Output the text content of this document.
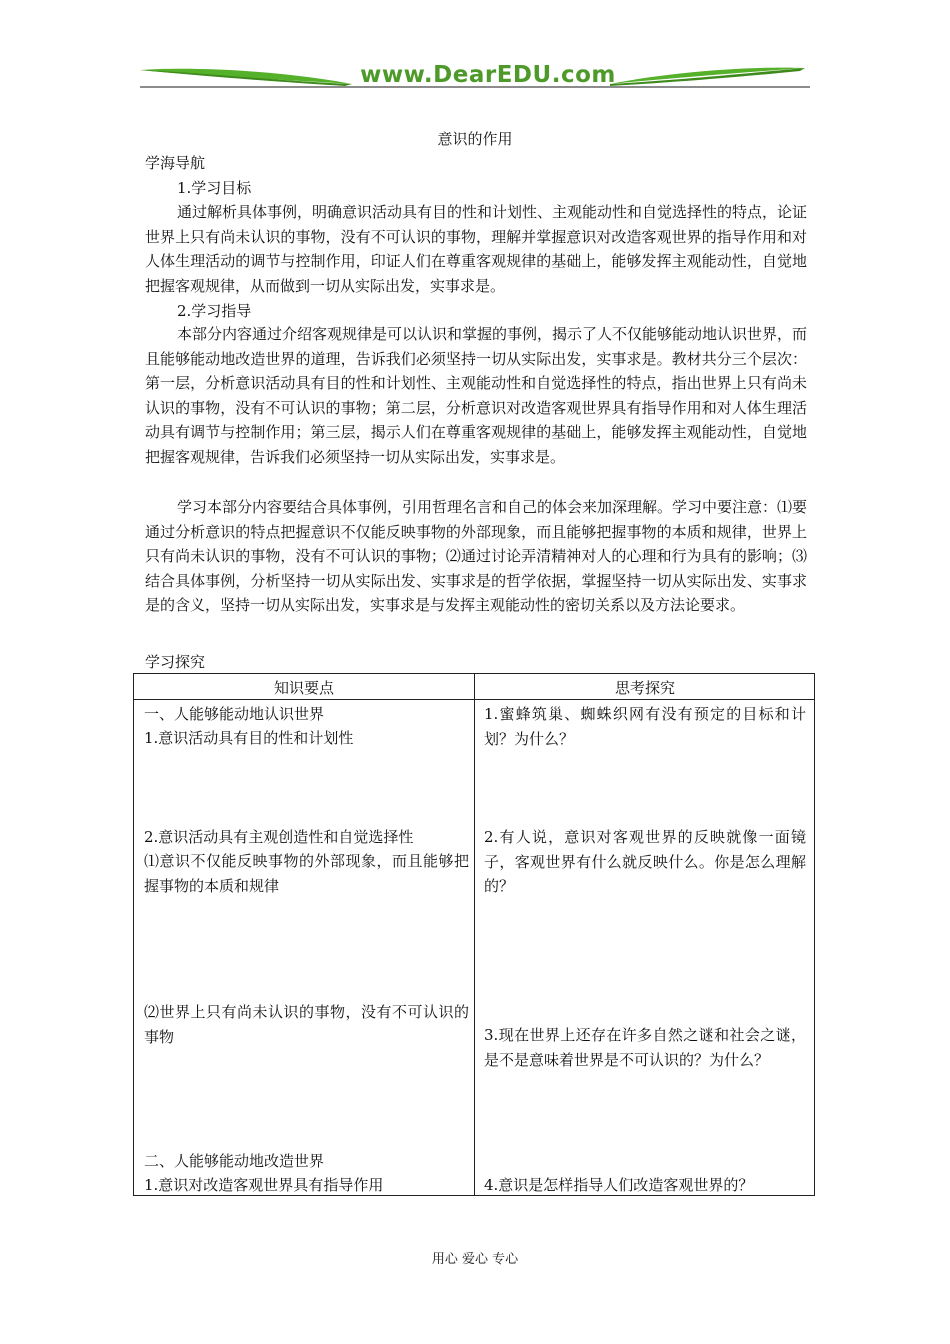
www.DearEDU.com
意识的作用
学海导航
1.学习目标

通过解析具体事例，明确意识活动具有目的性和计划性、主观能动性和自觉选择性的特点，论证世界上只有尚未认识的事物，没有不可认识的事物，理解并掌握意识对改造客观世界的指导作用和对人体生理活动的调节与控制作用，印证人们在尊重客观规律的基础上，能够发挥主观能动性，自觉地把握客观规律，从而做到一切从实际出发，实事求是。

2.学习指导

本部分内容通过介绍客观规律是可以认识和掌握的事例，揭示了人不仅能够能动地认识世界，而且能够能动地改造世界的道理，告诉我们必须坚持一切从实际出发，实事求是。教材共分三个层次：第一层，分析意识活动具有目的性和计划性、主观能动性和自觉选择性的特点，指出世界上只有尚未认识的事物，没有不可认识的事物；第二层，分析意识对改造客观世界具有指导作用和对人体生理活动具有调节与控制作用；第三层，揭示人们在尊重客观规律的基础上，能够发挥主观能动性，自觉地把握客观规律，告诉我们必须坚持一切从实际出发，实事求是。

学习本部分内容要结合具体事例，引用哲理名言和自己的体会来加深理解。学习中要注意：⑴要通过分析意识的特点把握意识不仅能反映事物的外部现象，而且能够把握事物的本质和规律，世界上只有尚未认识的事物，没有不可认识的事物；⑵通过讨论弄清精神对人的心理和行为具有的影响；⑶结合具体事例，分析坚持一切从实际出发、实事求是的哲学依据，掌握坚持一切从实际出发、实事求是的含义，坚持一切从实际出发，实事求是与发挥主观能动性的密切关系以及方法论要求。

学习探究
知识要点	思考探究

一、人能够能动地认识世界

1.意识活动具有目的性和计划性

2.意识活动具有主观创造性和自觉选择性

⑴意识不仅能反映事物的外部现象，而且能够把握事物的本质和规律

⑵世界上只有尚未认识的事物，没有不可认识的事物

二、人能够能动地改造世界

1.意识对改造客观世界具有指导作用

1.蜜蜂筑巢、蜘蛛织网有没有预定的目标和计划？为什么？

2.有人说，意识对客观世界的反映就像一面镜子，客观世界有什么就反映什么。你是怎么理解的？

3.现在世界上还存在许多自然之谜和社会之谜，是不是意味着世界是不可认识的？为什么？

4.意识是怎样指导人们改造客观世界的？

用心 爱心 专心
